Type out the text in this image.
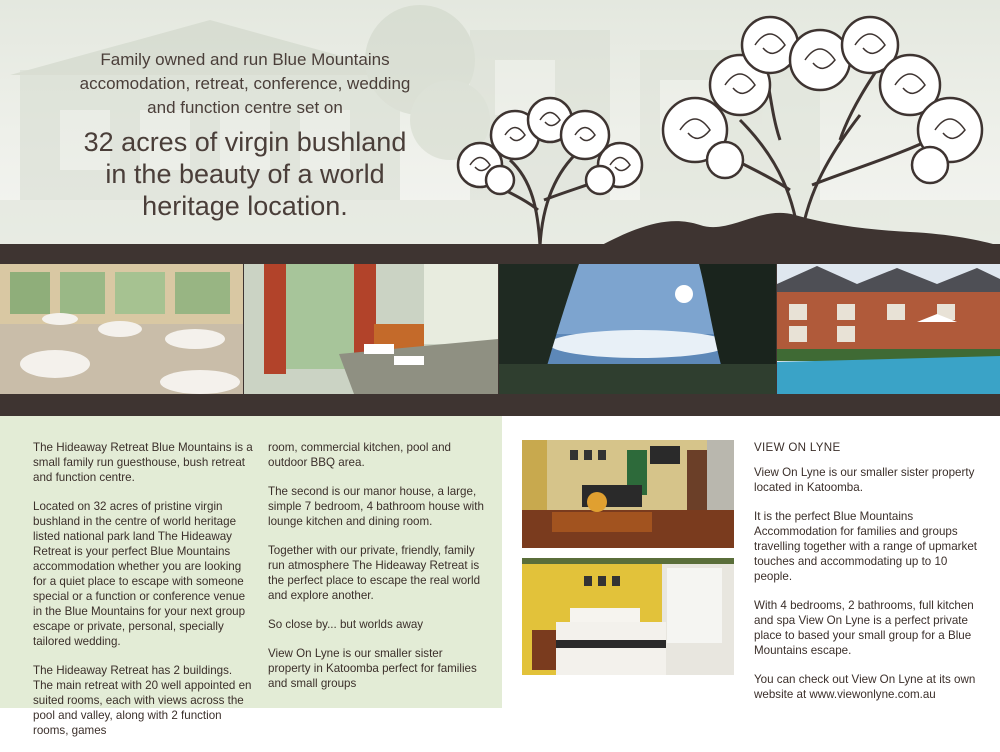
Family owned and run Blue Mountains
accomodation, retreat, conference, wedding
and function centre set on
32 acres of virgin bushland
in the beauty of a world
heritage location.

The Hideaway Retreat Blue Mountains is a small family run guesthouse, bush retreat and function centre.

Located on 32 acres of pristine virgin bushland in the centre of world heritage listed national park land The Hideaway Retreat is your perfect Blue Mountains accommodation whether you are looking for a quiet place to escape with someone special or a function or conference venue in the Blue Mountains for your next group escape or private, personal, specially tailored wedding.

The Hideaway Retreat has 2 buildings. The main retreat with 20 well appointed en suited rooms, each with views across the pool and valley, along with 2 function rooms, games

room, commercial kitchen, pool and outdoor BBQ area.

The second is our manor house, a large, simple 7 bedroom, 4 bathroom house with lounge kitchen and dining room.

Together with our private, friendly, family run atmosphere The Hideaway Retreat is the perfect place to escape the real world and explore another.

So close by... but worlds away

View On Lyne is our smaller sister property in Katoomba perfect for families and small groups

VIEW ON LYNE

View On Lyne is our smaller sister property located in Katoomba.

It is the perfect Blue Mountains Accommodation for families and groups travelling together with a range of upmarket touches and accommodating up to 10 people.

With 4 bedrooms, 2 bathrooms, full kitchen and spa View On Lyne is a perfect private place to based your small group for a Blue Mountains escape.

You can check out View On Lyne at its own website at www.viewonlyne.com.au
